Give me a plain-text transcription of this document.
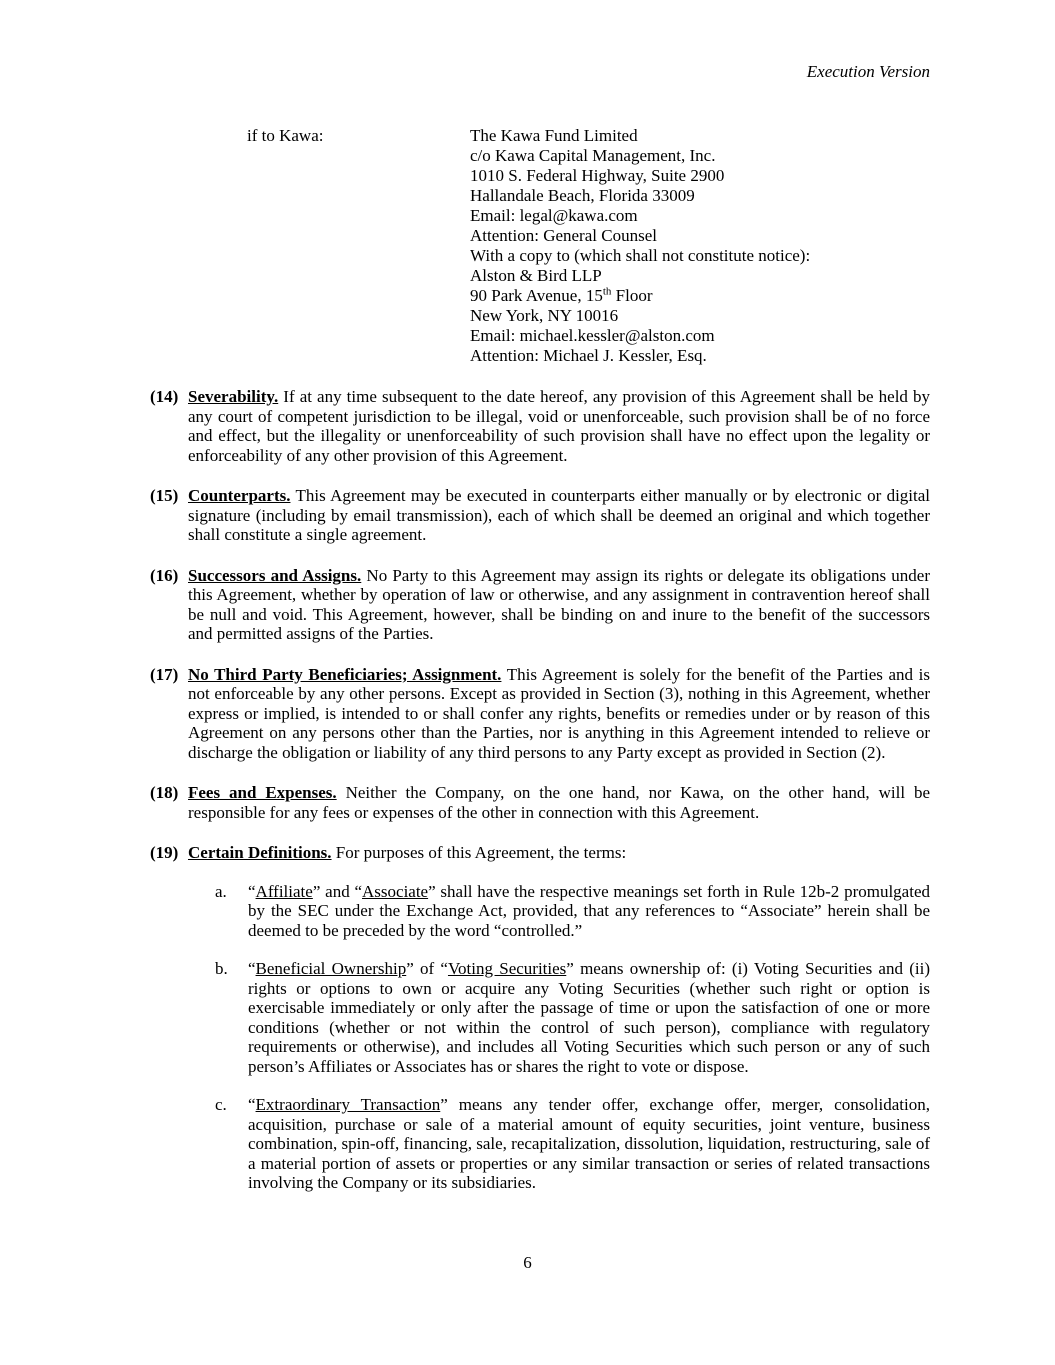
Execution Version
if to Kawa:	The Kawa Fund Limited
c/o Kawa Capital Management, Inc.
1010 S. Federal Highway, Suite 2900
Hallandale Beach, Florida 33009
Email: legal@kawa.com
Attention: General Counsel
With a copy to (which shall not constitute notice):
Alston & Bird LLP
90 Park Avenue, 15th Floor
New York, NY 10016
Email: michael.kessler@alston.com
Attention: Michael J. Kessler, Esq.

(14) Severability. If at any time subsequent to the date hereof, any provision of this Agreement shall be held by any court of competent jurisdiction to be illegal, void or unenforceable, such provision shall be of no force and effect, but the illegality or unenforceability of such provision shall have no effect upon the legality or enforceability of any other provision of this Agreement.

(15) Counterparts. This Agreement may be executed in counterparts either manually or by electronic or digital signature (including by email transmission), each of which shall be deemed an original and which together shall constitute a single agreement.

(16) Successors and Assigns. No Party to this Agreement may assign its rights or delegate its obligations under this Agreement, whether by operation of law or otherwise, and any assignment in contravention hereof shall be null and void. This Agreement, however, shall be binding on and inure to the benefit of the successors and permitted assigns of the Parties.

(17) No Third Party Beneficiaries; Assignment. This Agreement is solely for the benefit of the Parties and is not enforceable by any other persons. Except as provided in Section (3), nothing in this Agreement, whether express or implied, is intended to or shall confer any rights, benefits or remedies under or by reason of this Agreement on any persons other than the Parties, nor is anything in this Agreement intended to relieve or discharge the obligation or liability of any third persons to any Party except as provided in Section (2).

(18) Fees and Expenses. Neither the Company, on the one hand, nor Kawa, on the other hand, will be responsible for any fees or expenses of the other in connection with this Agreement.

(19) Certain Definitions. For purposes of this Agreement, the terms:

a. “Affiliate” and “Associate” shall have the respective meanings set forth in Rule 12b-2 promulgated by the SEC under the Exchange Act, provided, that any references to “Associate” herein shall be deemed to be preceded by the word “controlled.”

b. “Beneficial Ownership” of “Voting Securities” means ownership of: (i) Voting Securities and (ii) rights or options to own or acquire any Voting Securities (whether such right or option is exercisable immediately or only after the passage of time or upon the satisfaction of one or more conditions (whether or not within the control of such person), compliance with regulatory requirements or otherwise), and includes all Voting Securities which such person or any of such person’s Affiliates or Associates has or shares the right to vote or dispose.

c. “Extraordinary Transaction” means any tender offer, exchange offer, merger, consolidation, acquisition, purchase or sale of a material amount of equity securities, joint venture, business combination, spin-off, financing, sale, recapitalization, dissolution, liquidation, restructuring, sale of a material portion of assets or properties or any similar transaction or series of related transactions involving the Company or its subsidiaries.

6
